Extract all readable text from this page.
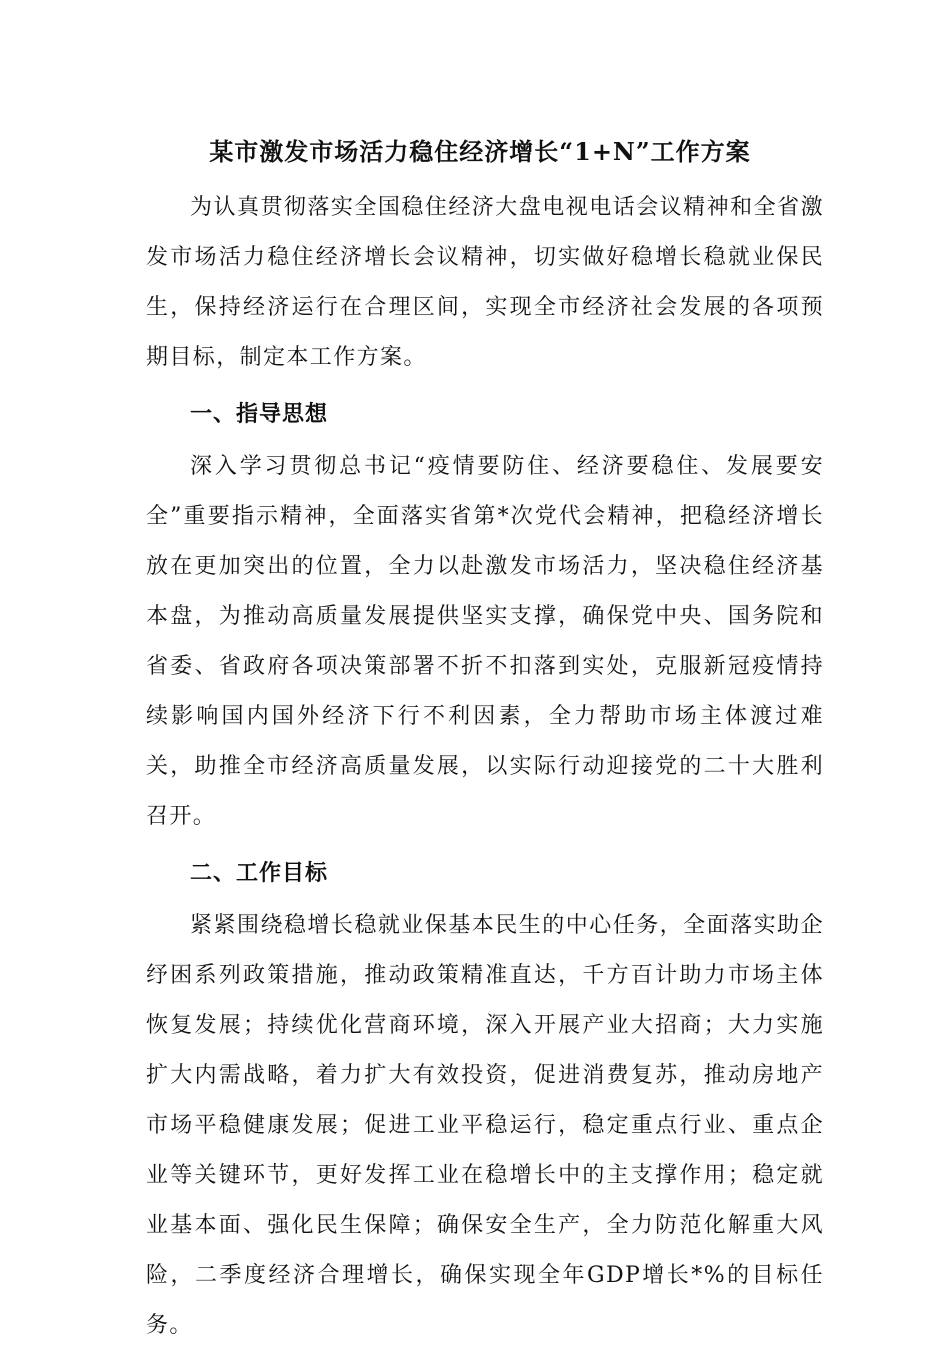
某市激发市场活力稳住经济增长“1+N”工作方案

为认真贯彻落实全国稳住经济大盘电视电话会议精神和全省激发市场活力稳住经济增长会议精神，切实做好稳增长稳就业保民生，保持经济运行在合理区间，实现全市经济社会发展的各项预期目标，制定本工作方案。

一、指导思想

深入学习贯彻总书记“疫情要防住、经济要稳住、发展要安全”重要指示精神，全面落实省第*次党代会精神，把稳经济增长放在更加突出的位置，全力以赴激发市场活力，坚决稳住经济基本盘，为推动高质量发展提供坚实支撑，确保党中央、国务院和省委、省政府各项决策部署不折不扣落到实处，克服新冠疫情持续影响国内国外经济下行不利因素，全力帮助市场主体渡过难关，助推全市经济高质量发展，以实际行动迎接党的二十大胜利召开。

二、工作目标

紧紧围绕稳增长稳就业保基本民生的中心任务，全面落实助企纾困系列政策措施，推动政策精准直达，千方百计助力市场主体恢复发展；持续优化营商环境，深入开展产业大招商；大力实施扩大内需战略，着力扩大有效投资，促进消费复苏，推动房地产市场平稳健康发展；促进工业平稳运行，稳定重点行业、重点企业等关键环节，更好发挥工业在稳增长中的主支撑作用；稳定就业基本面、强化民生保障；确保安全生产，全力防范化解重大风险，二季度经济合理增长，确保实现全年GDP增长*%的目标任务。
